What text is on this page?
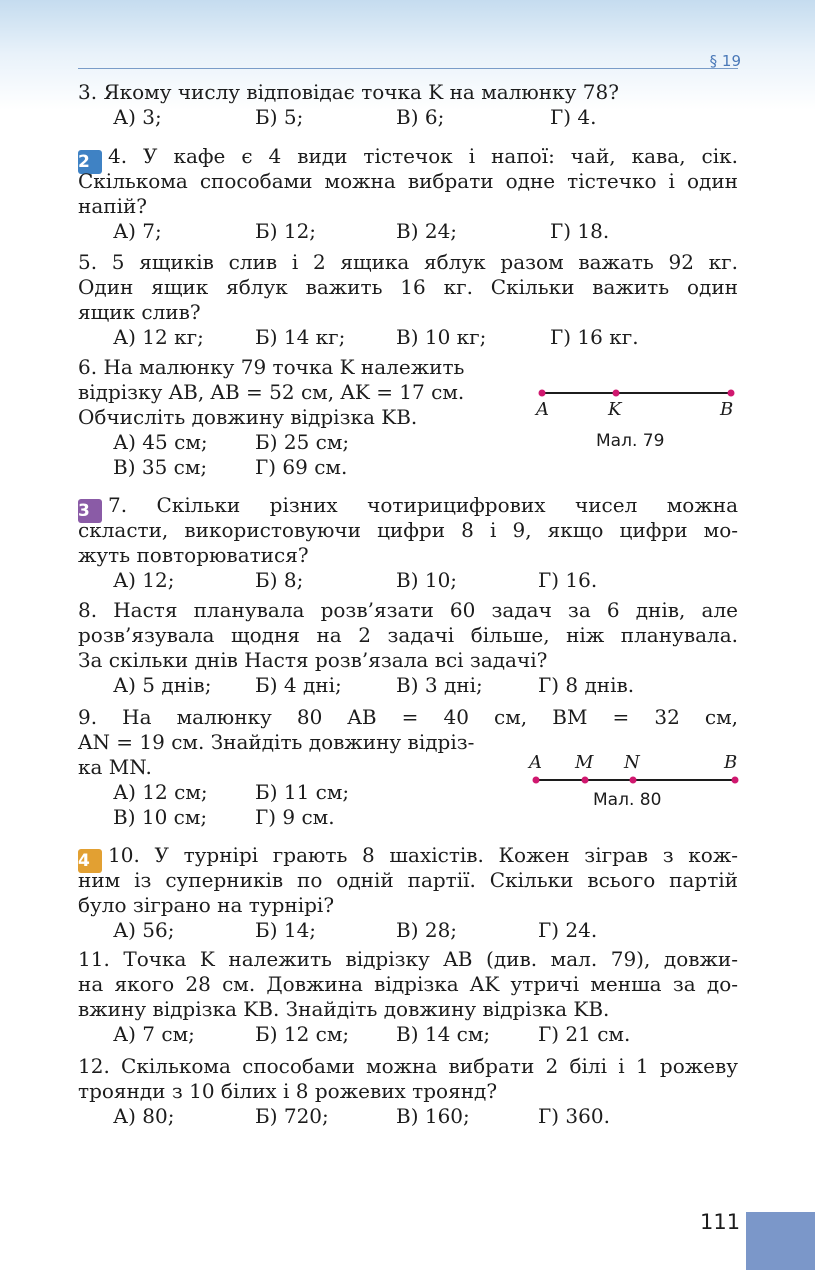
§ 19
3. Якому числу відповідає точка K на малюнку 78?
А) 3;	Б) 5;	В) 6;	Г) 4.
2 4. У кафе є 4 види тістечок і напої: чай, кава, сік.
Скількома способами можна вибрати одне тістечко і один
напій?
А) 7;	Б) 12;	В) 24;	Г) 18.
5. 5 ящиків слив і 2 ящика яблук разом важать 92 кг.
Один ящик яблук важить 16 кг. Скільки важить один
ящик слив?
А) 12 кг;	Б) 14 кг;	В) 10 кг;	Г) 16 кг.
6. На малюнку 79 точка K належить
відрізку AB, AB = 52 см, AK = 17 см.
Обчисліть довжину відрізка KB.
А) 45 см; Б) 25 см;
В) 35 см; Г) 69 см.
A	K	B
Мал. 79
3 7. Скільки різних чотирицифрових чисел можна
скласти, використовуючи цифри 8 і 9, якщо цифри мо-
жуть повторюватися?
А) 12;	Б) 8;	В) 10;	Г) 16.
8. Настя планувала розв’язати 60 задач за 6 днів, але
розв’язувала щодня на 2 задачі більше, ніж планувала.
За скільки днів Настя розв’язала всі задачі?
А) 5 днів; Б) 4 дні;	В) 3 дні;	Г) 8 днів.
9. На малюнку 80 AB = 40 см, BM = 32 см,
AN = 19 см. Знайдіть довжину відріз-
ка MN.
А) 12 см; Б) 11 см;
В) 10 см; Г) 9 см.
A M N	B
Мал. 80
4 10. У турнірі грають 8 шахістів. Кожен зіграв з кож-
ним із суперників по одній партії. Скільки всього партій
було зіграно на турнірі?
А) 56;	Б) 14;	В) 28;	Г) 24.
11. Точка K належить відрізку AB (див. мал. 79), довжи-
на якого 28 см. Довжина відрізка AK утричі менша за до-
вжину відрізка KB. Знайдіть довжину відрізка KB.
А) 7 см;	Б) 12 см; В) 14 см; Г) 21 см.
12. Скількома способами можна вибрати 2 білі і 1 рожеву
троянди з 10 білих і 8 рожевих троянд?
А) 80;	Б) 720;	В) 160;	Г) 360.
111
